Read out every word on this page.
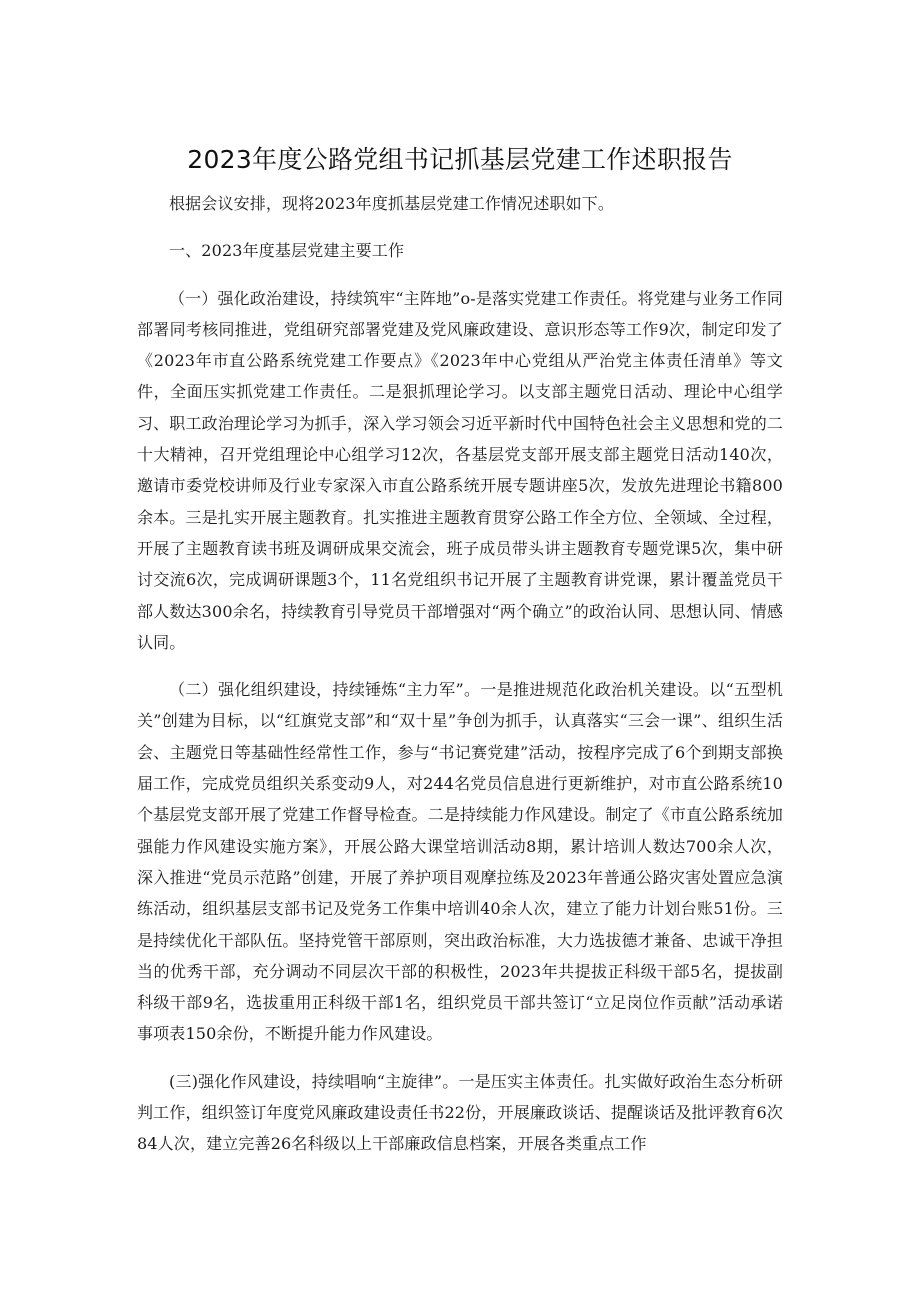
2023年度公路党组书记抓基层党建工作述职报告

根据会议安排，现将2023年度抓基层党建工作情况述职如下。

一、2023年度基层党建主要工作

（一）强化政治建设，持续筑牢“主阵地”o-是落实党建工作责任。将党建与业务工作同部署同考核同推进，党组研究部署党建及党风廉政建设、意识形态等工作9次，制定印发了《2023年市直公路系统党建工作要点》《2023年中心党组从严治党主体责任清单》等文件，全面压实抓党建工作责任。二是狠抓理论学习。以支部主题党日活动、理论中心组学习、职工政治理论学习为抓手，深入学习领会习近平新时代中国特色社会主义思想和党的二十大精神，召开党组理论中心组学习12次，各基层党支部开展支部主题党日活动140次，邀请市委党校讲师及行业专家深入市直公路系统开展专题讲座5次，发放先进理论书籍800余本。三是扎实开展主题教育。扎实推进主题教育贯穿公路工作全方位、全领域、全过程，开展了主题教育读书班及调研成果交流会，班子成员带头讲主题教育专题党课5次，集中研讨交流6次，完成调研课题3个，11名党组织书记开展了主题教育讲党课，累计覆盖党员干部人数达300余名，持续教育引导党员干部增强对“两个确立”的政治认同、思想认同、情感认同。

（二）强化组织建设，持续锤炼“主力军”。一是推进规范化政治机关建设。以“五型机关”创建为目标，以“红旗党支部”和“双十星”争创为抓手，认真落实“三会一课”、组织生活会、主题党日等基础性经常性工作，参与“书记赛党建”活动，按程序完成了6个到期支部换届工作，完成党员组织关系变动9人，对244名党员信息进行更新维护，对市直公路系统10个基层党支部开展了党建工作督导检查。二是持续能力作风建设。制定了《市直公路系统加强能力作风建设实施方案》，开展公路大课堂培训活动8期，累计培训人数达700余人次，深入推进“党员示范路”创建，开展了养护项目观摩拉练及2023年普通公路灾害处置应急演练活动，组织基层支部书记及党务工作集中培训40余人次，建立了能力计划台账51份。三是持续优化干部队伍。坚持党管干部原则，突出政治标准，大力选拔德才兼备、忠诚干净担当的优秀干部，充分调动不同层次干部的积极性，2023年共提拔正科级干部5名，提拔副科级干部9名，选拔重用正科级干部1名，组织党员干部共签订“立足岗位作贡献”活动承诺事项表150余份，不断提升能力作风建设。

(三)强化作风建设，持续唱响“主旋律”。一是压实主体责任。扎实做好政治生态分析研判工作，组织签订年度党风廉政建设责任书22份，开展廉政谈话、提醒谈话及批评教育6次84人次，建立完善26名科级以上干部廉政信息档案，开展各类重点工作
